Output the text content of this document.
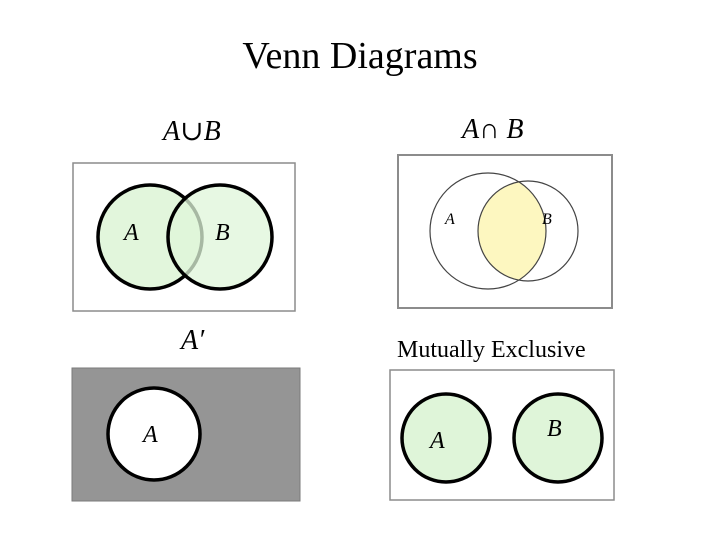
Venn Diagrams
A∪B	A∩ B
A′	Mutually Exclusive
A	B
A	B
A	A	B
